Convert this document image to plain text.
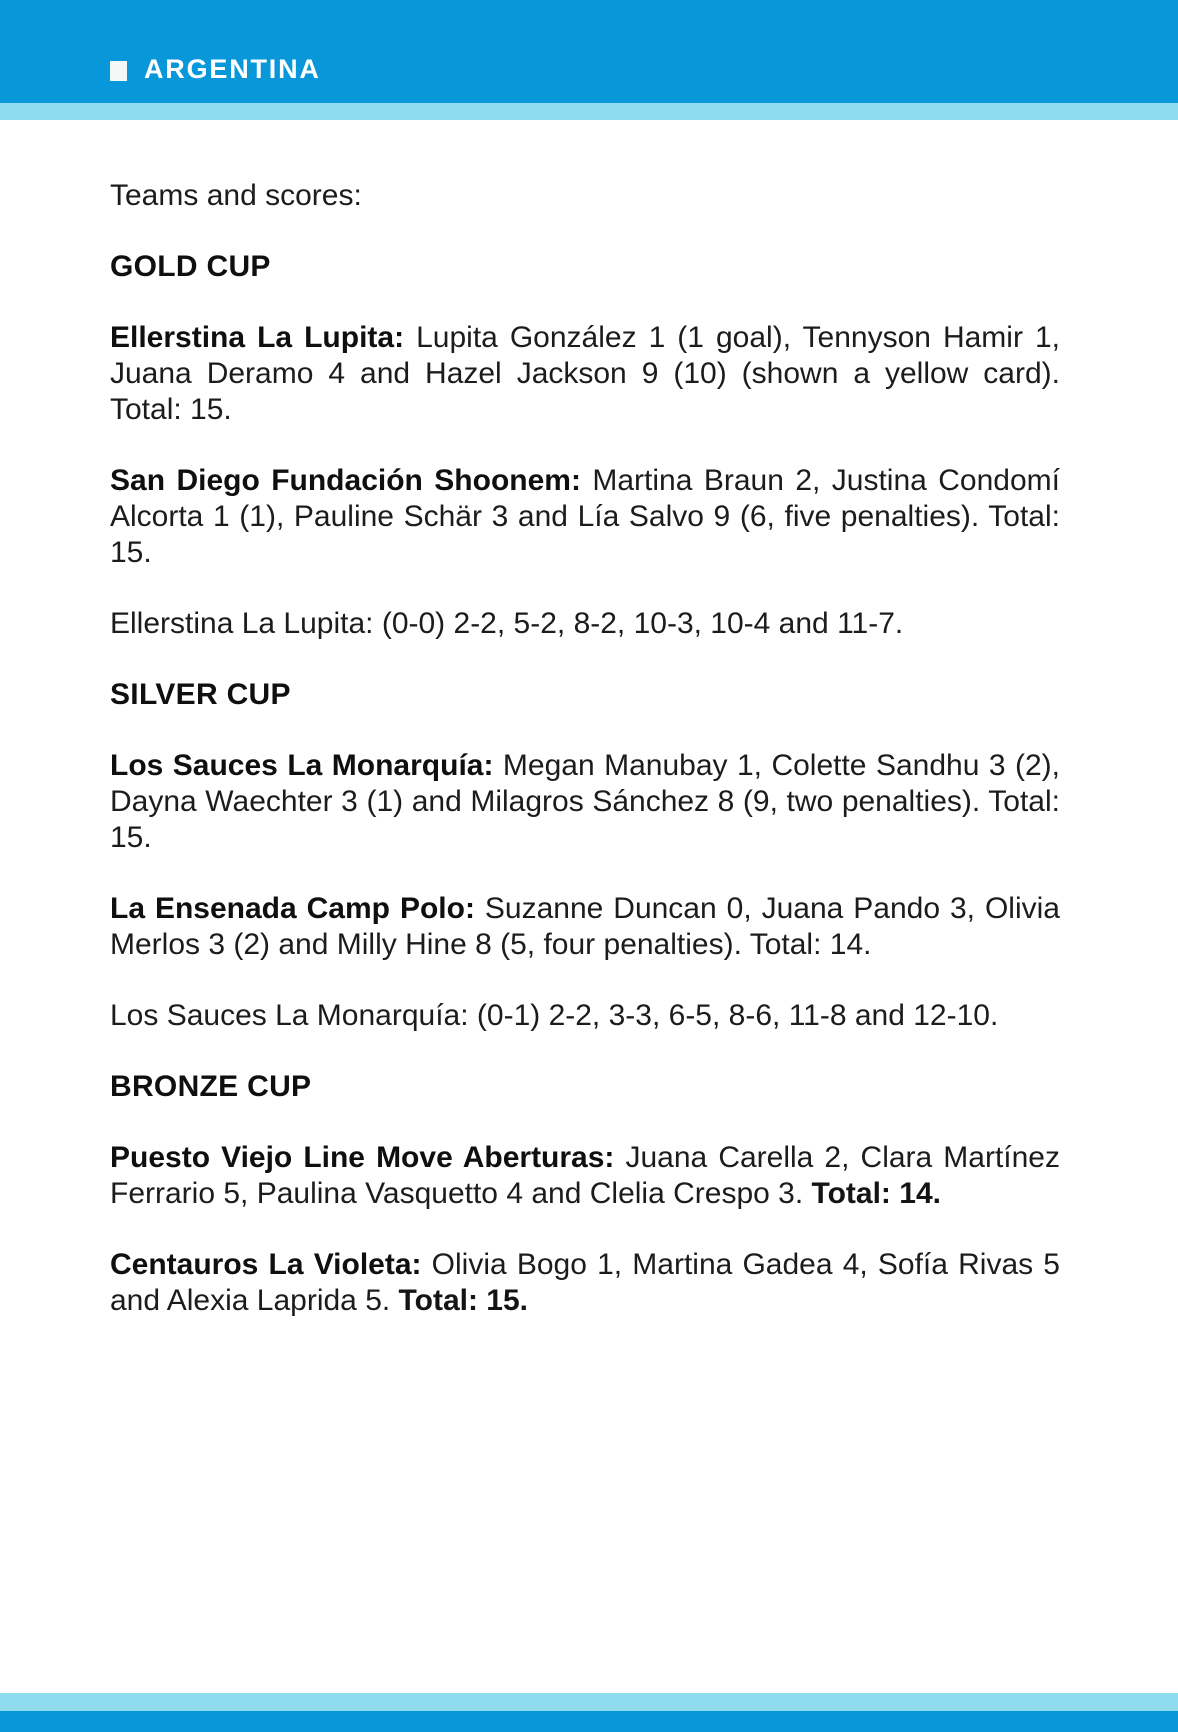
ARGENTINA

Teams and scores:

GOLD CUP

Ellerstina La Lupita: Lupita González 1 (1 goal), Tennyson Hamir 1, Juana Deramo 4 and Hazel Jackson 9 (10) (shown a yellow card). Total: 15.

San Diego Fundación Shoonem: Martina Braun 2, Justina Condomí Alcorta 1 (1), Pauline Schär 3 and Lía Salvo 9 (6, five penalties). Total: 15.

Ellerstina La Lupita: (0-0) 2-2, 5-2, 8-2, 10-3, 10-4 and 11-7.

SILVER CUP

Los Sauces La Monarquía: Megan Manubay 1, Colette Sandhu 3 (2), Dayna Waechter 3 (1) and Milagros Sánchez 8 (9, two penalties). Total: 15.

La Ensenada Camp Polo: Suzanne Duncan 0, Juana Pando 3, Olivia Merlos 3 (2) and Milly Hine 8 (5, four penalties). Total: 14.

Los Sauces La Monarquía: (0-1) 2-2, 3-3, 6-5, 8-6, 11-8 and 12-10.

BRONZE CUP

Puesto Viejo Line Move Aberturas: Juana Carella 2, Clara Martínez Ferrario 5, Paulina Vasquetto 4 and Clelia Crespo 3. Total: 14.

Centauros La Violeta: Olivia Bogo 1, Martina Gadea 4, Sofía Rivas 5 and Alexia Laprida 5. Total: 15.
